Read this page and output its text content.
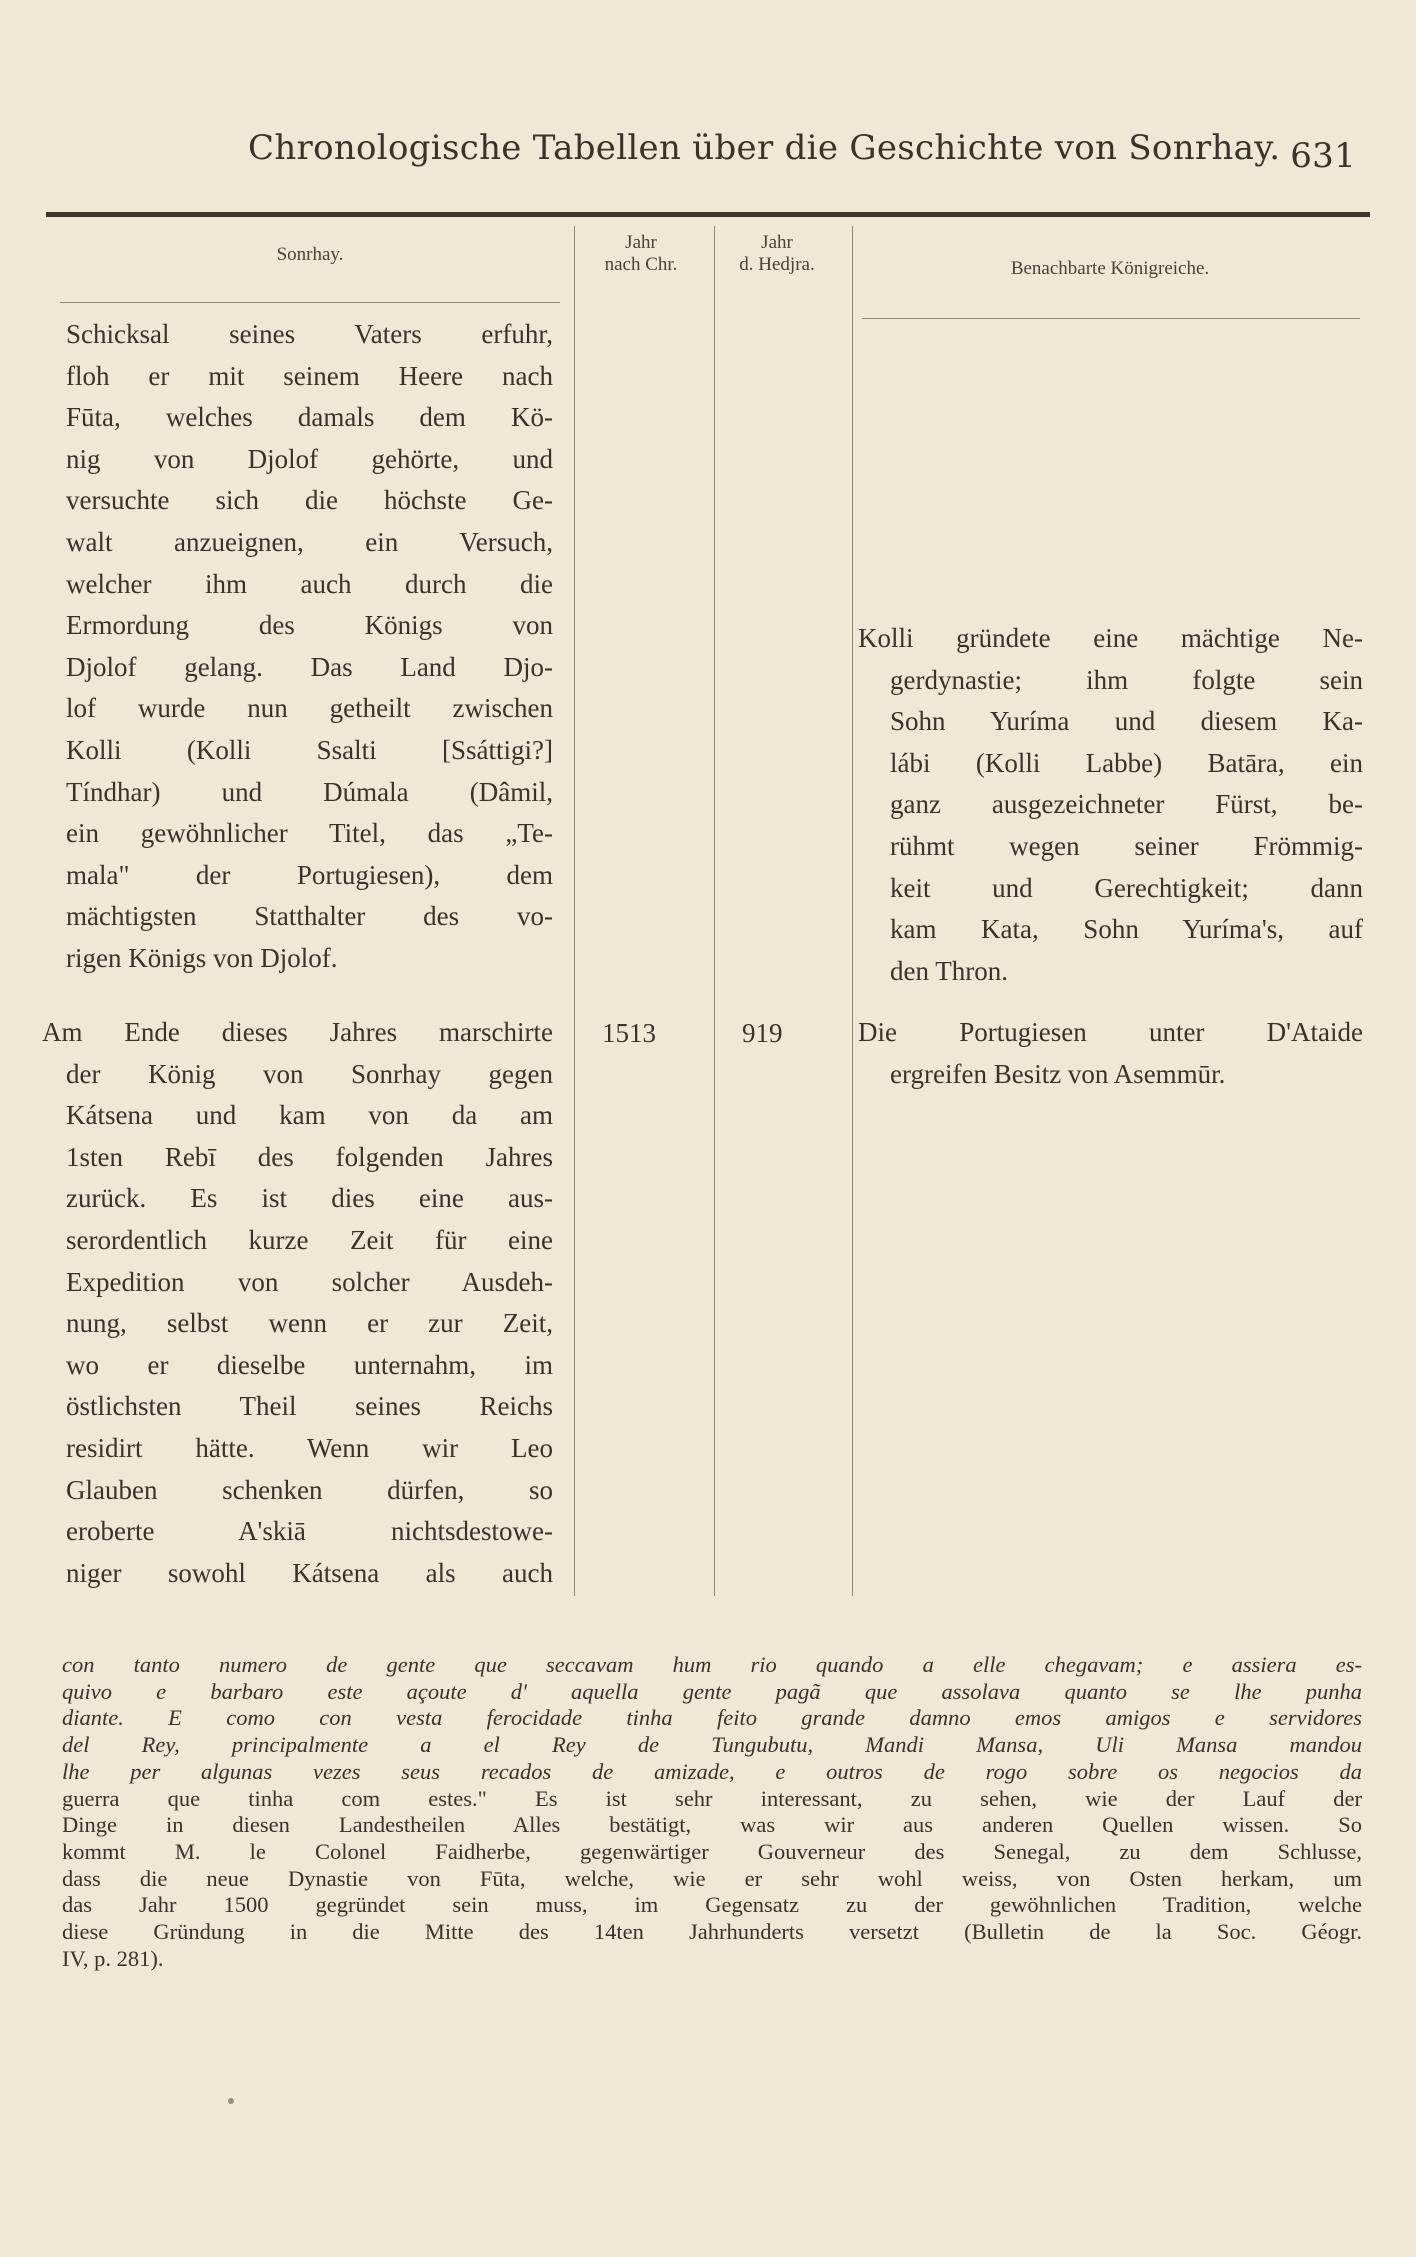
Chronologische Tabellen über die Geschichte von Sonrhay. 631
Sonrhay.
Jahr
nach Chr.
Jahr
d. Hedjra.	Benachbarte Königreiche.
Schicksal seines Vaters erfuhr,
floh er mit seinem Heere nach
Fūta, welches damals dem Kö-
nig von Djolof gehörte, und
versuchte sich die höchste Ge-
walt anzueignen, ein Versuch,
welcher ihm auch durch die
Ermordung des Königs von
Djolof gelang. Das Land Djo-
lof wurde nun getheilt zwischen
Kolli (Kolli Ssalti [Ssáttigi?]
Tíndhar) und Dúmala (Dâmil,
ein gewöhnlicher Titel, das „Te-
mala" der Portugiesen), dem
mächtigsten Statthalter des vo-
rigen Königs von Djolof.
Kolli gründete eine mächtige Ne-
gerdynastie; ihm folgte sein
Sohn Yuríma und diesem Ka-
lábi (Kolli Labbe) Batāra, ein
ganz ausgezeichneter Fürst, be-
rühmt wegen seiner Frömmig-
keit und Gerechtigkeit; dann
kam Kata, Sohn Yuríma's, auf
den Thron.
1513	919
Am Ende dieses Jahres marschirte
der König von Sonrhay gegen
Kátsena und kam von da am
1sten Rebī des folgenden Jahres
zurück. Es ist dies eine aus-
serordentlich kurze Zeit für eine
Expedition von solcher Ausdeh-
nung, selbst wenn er zur Zeit,
wo er dieselbe unternahm, im
östlichsten Theil seines Reichs
residirt hätte. Wenn wir Leo
Glauben schenken dürfen, so
eroberte A'skiā nichtsdestowe-
niger sowohl Kátsena als auch
Die Portugiesen unter D'Ataide
ergreifen Besitz von Asemmūr.
con tanto numero de gente que seccavam hum rio quando a elle chegavam; e assiera es-
quivo e barbaro este açoute d' aquella gente pagã que assolava quanto se lhe punha
diante. E como con vesta ferocidade tinha feito grande damno emos amigos e servidores
del Rey, principalmente a el Rey de Tungubutu, Mandi Mansa, Uli Mansa mandou
lhe per algunas vezes seus recados de amizade, e outros de rogo sobre os negocios da
guerra que tinha com estes." Es ist sehr interessant, zu sehen, wie der Lauf der
Dinge in diesen Landestheilen Alles bestätigt, was wir aus anderen Quellen wissen. So
kommt M. le Colonel Faidherbe, gegenwärtiger Gouverneur des Senegal, zu dem Schlusse,
dass die neue Dynastie von Fūta, welche, wie er sehr wohl weiss, von Osten herkam, um
das Jahr 1500 gegründet sein muss, im Gegensatz zu der gewöhnlichen Tradition, welche
diese Gründung in die Mitte des 14ten Jahrhunderts versetzt (Bulletin de la Soc. Géogr.
IV, p. 281).
